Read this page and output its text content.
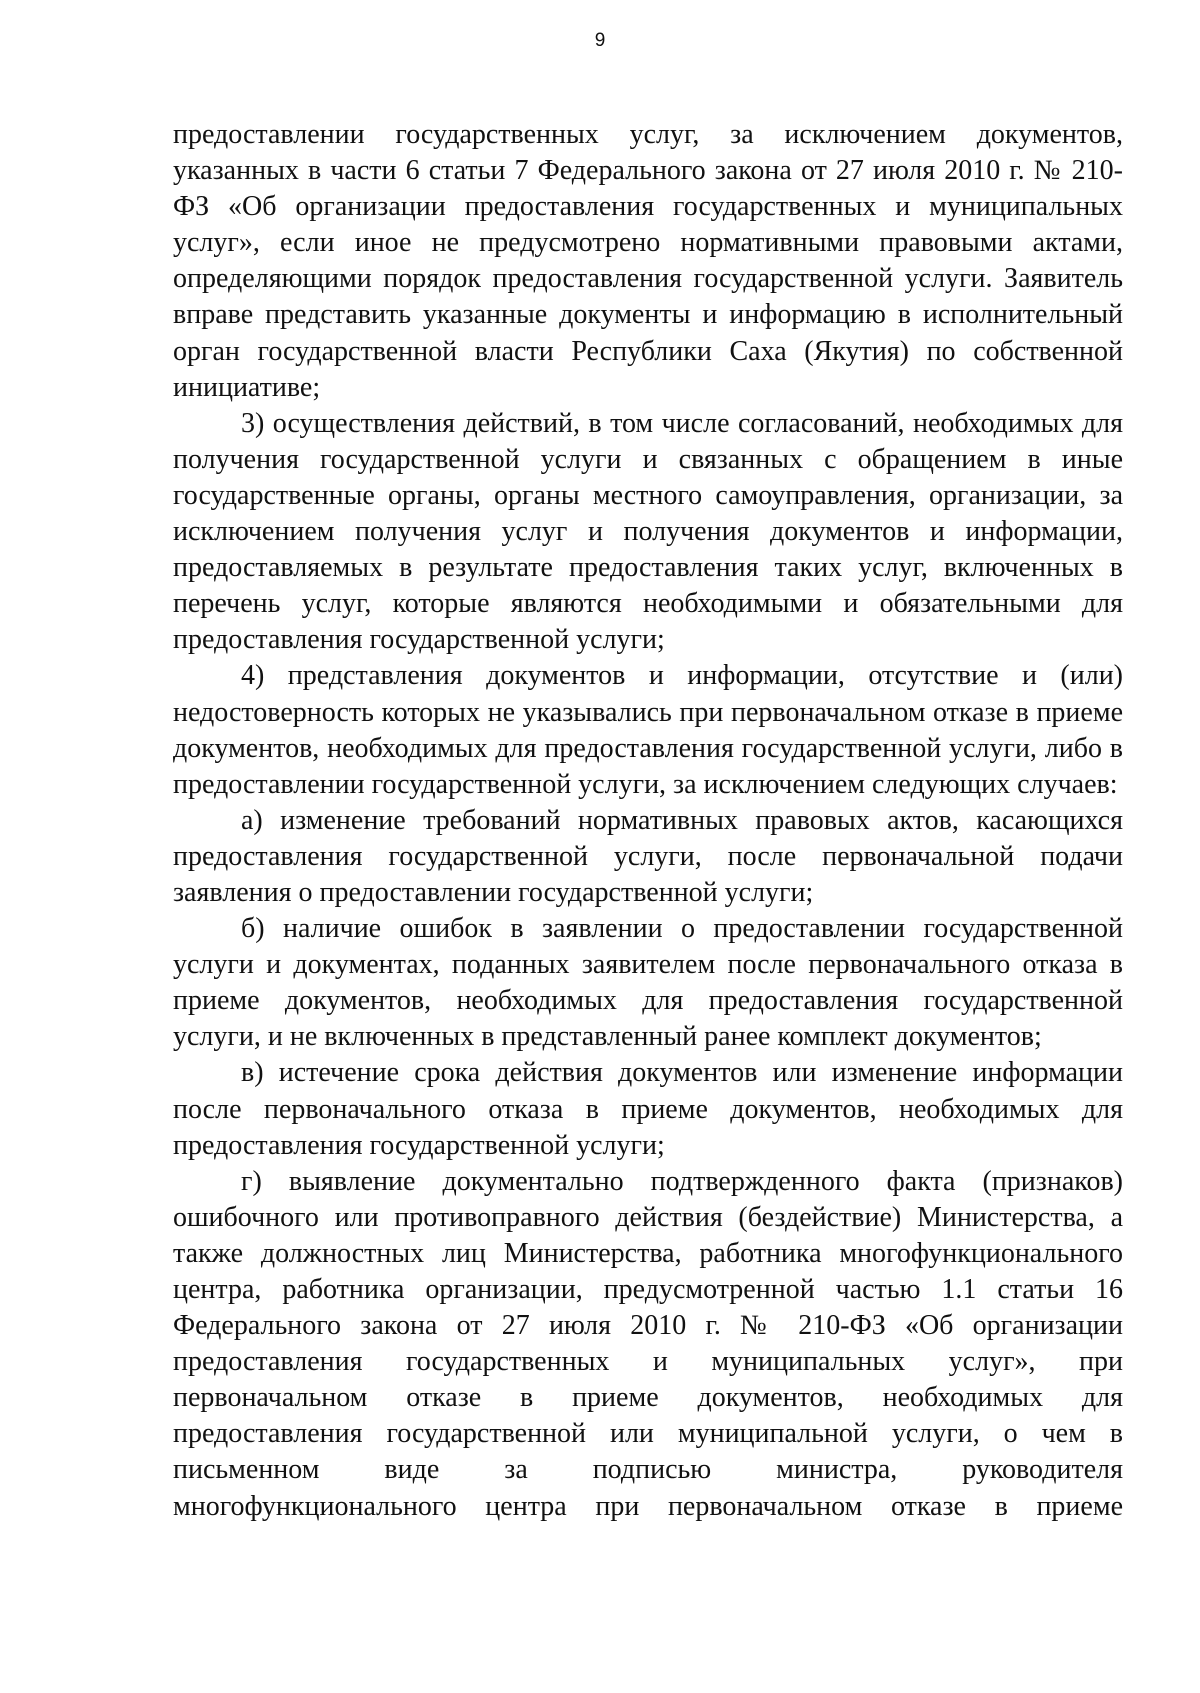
9

предоставлении государственных услуг, за исключением документов, указанных в части 6 статьи 7 Федерального закона от 27 июля 2010 г. № 210-ФЗ «Об организации предоставления государственных и муниципальных услуг», если иное не предусмотрено нормативными правовыми актами, определяющими порядок предоставления государственной услуги. Заявитель вправе представить указанные документы и информацию в исполнительный орган государственной власти Республики Саха (Якутия) по собственной инициативе;

3) осуществления действий, в том числе согласований, необходимых для получения государственной услуги и связанных с обращением в иные государственные органы, органы местного самоуправления, организации, за исключением получения услуг и получения документов и информации, предоставляемых в результате предоставления таких услуг, включенных в перечень услуг, которые являются необходимыми и обязательными для предоставления государственной услуги;

4) представления документов и информации, отсутствие и (или) недостоверность которых не указывались при первоначальном отказе в приеме документов, необходимых для предоставления государственной услуги, либо в предоставлении государственной услуги, за исключением следующих случаев:

а) изменение требований нормативных правовых актов, касающихся предоставления государственной услуги, после первоначальной подачи заявления о предоставлении государственной услуги;

б) наличие ошибок в заявлении о предоставлении государственной услуги и документах, поданных заявителем после первоначального отказа в приеме документов, необходимых для предоставления государственной услуги, и не включенных в представленный ранее комплект документов;

в) истечение срока действия документов или изменение информации после первоначального отказа в приеме документов, необходимых для предоставления государственной услуги;

г) выявление документально подтвержденного факта (признаков) ошибочного или противоправного действия (бездействие) Министерства, а также должностных лиц Министерства, работника многофункционального центра, работника организации, предусмотренной частью 1.1 статьи 16 Федерального закона от 27 июля 2010 г. № 210-ФЗ «Об организации предоставления государственных и муниципальных услуг», при первоначальном отказе в приеме документов, необходимых для предоставления государственной или муниципальной услуги, о чем в письменном виде за подписью министра, руководителя многофункционального центра при первоначальном отказе в приеме
